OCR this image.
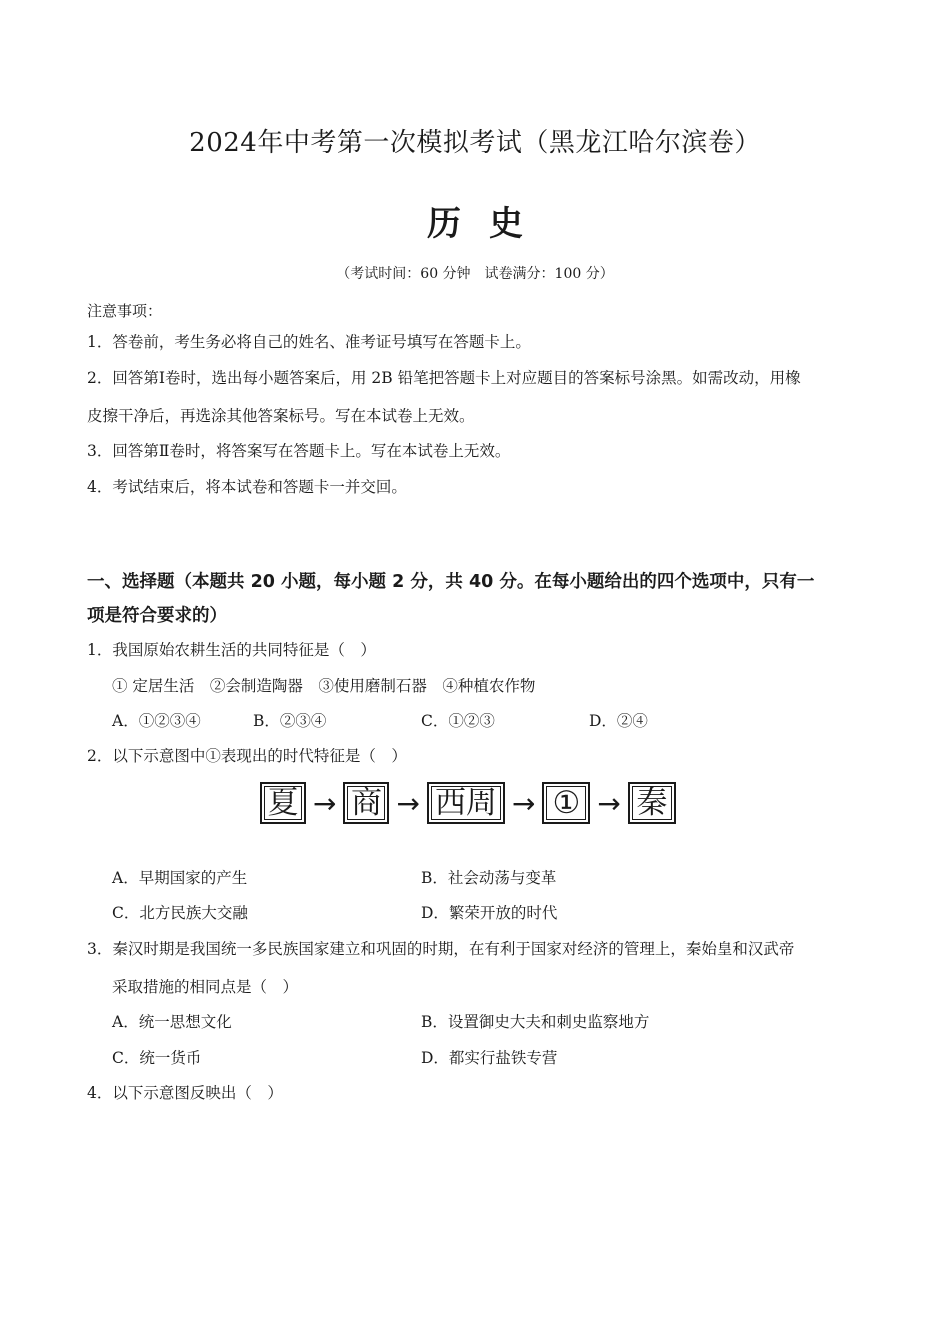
2024年中考第一次模拟考试（黑龙江哈尔滨卷）
历史
（考试时间：60 分钟　试卷满分：100 分）
注意事项：
1．答卷前，考生务必将自己的姓名、准考证号填写在答题卡上。
2．回答第Ⅰ卷时，选出每小题答案后，用 2B 铅笔把答题卡上对应题目的答案标号涂黑。如需改动，用橡
皮擦干净后，再选涂其他答案标号。写在本试卷上无效。
3．回答第Ⅱ卷时，将答案写在答题卡上。写在本试卷上无效。
4．考试结束后，将本试卷和答题卡一并交回。
一、选择题（本题共 20 小题，每小题 2 分，共 40 分。在每小题给出的四个选项中，只有一
项是符合要求的）
1．我国原始农耕生活的共同特征是（　）
① 定居生活　②会制造陶器　③使用磨制石器　④种植农作物
A．①②③④	B．②③④	C．①②③	D．②④
2．以下示意图中①表现出的时代特征是（　）
夏 → 商 → 西周 → ① → 秦
A．早期国家的产生	B．社会动荡与变革
C．北方民族大交融	D．繁荣开放的时代
3．秦汉时期是我国统一多民族国家建立和巩固的时期，在有利于国家对经济的管理上，秦始皇和汉武帝
采取措施的相同点是（　）
A．统一思想文化	B．设置御史大夫和刺史监察地方
C．统一货币	D．都实行盐铁专营
4．以下示意图反映出（　）
